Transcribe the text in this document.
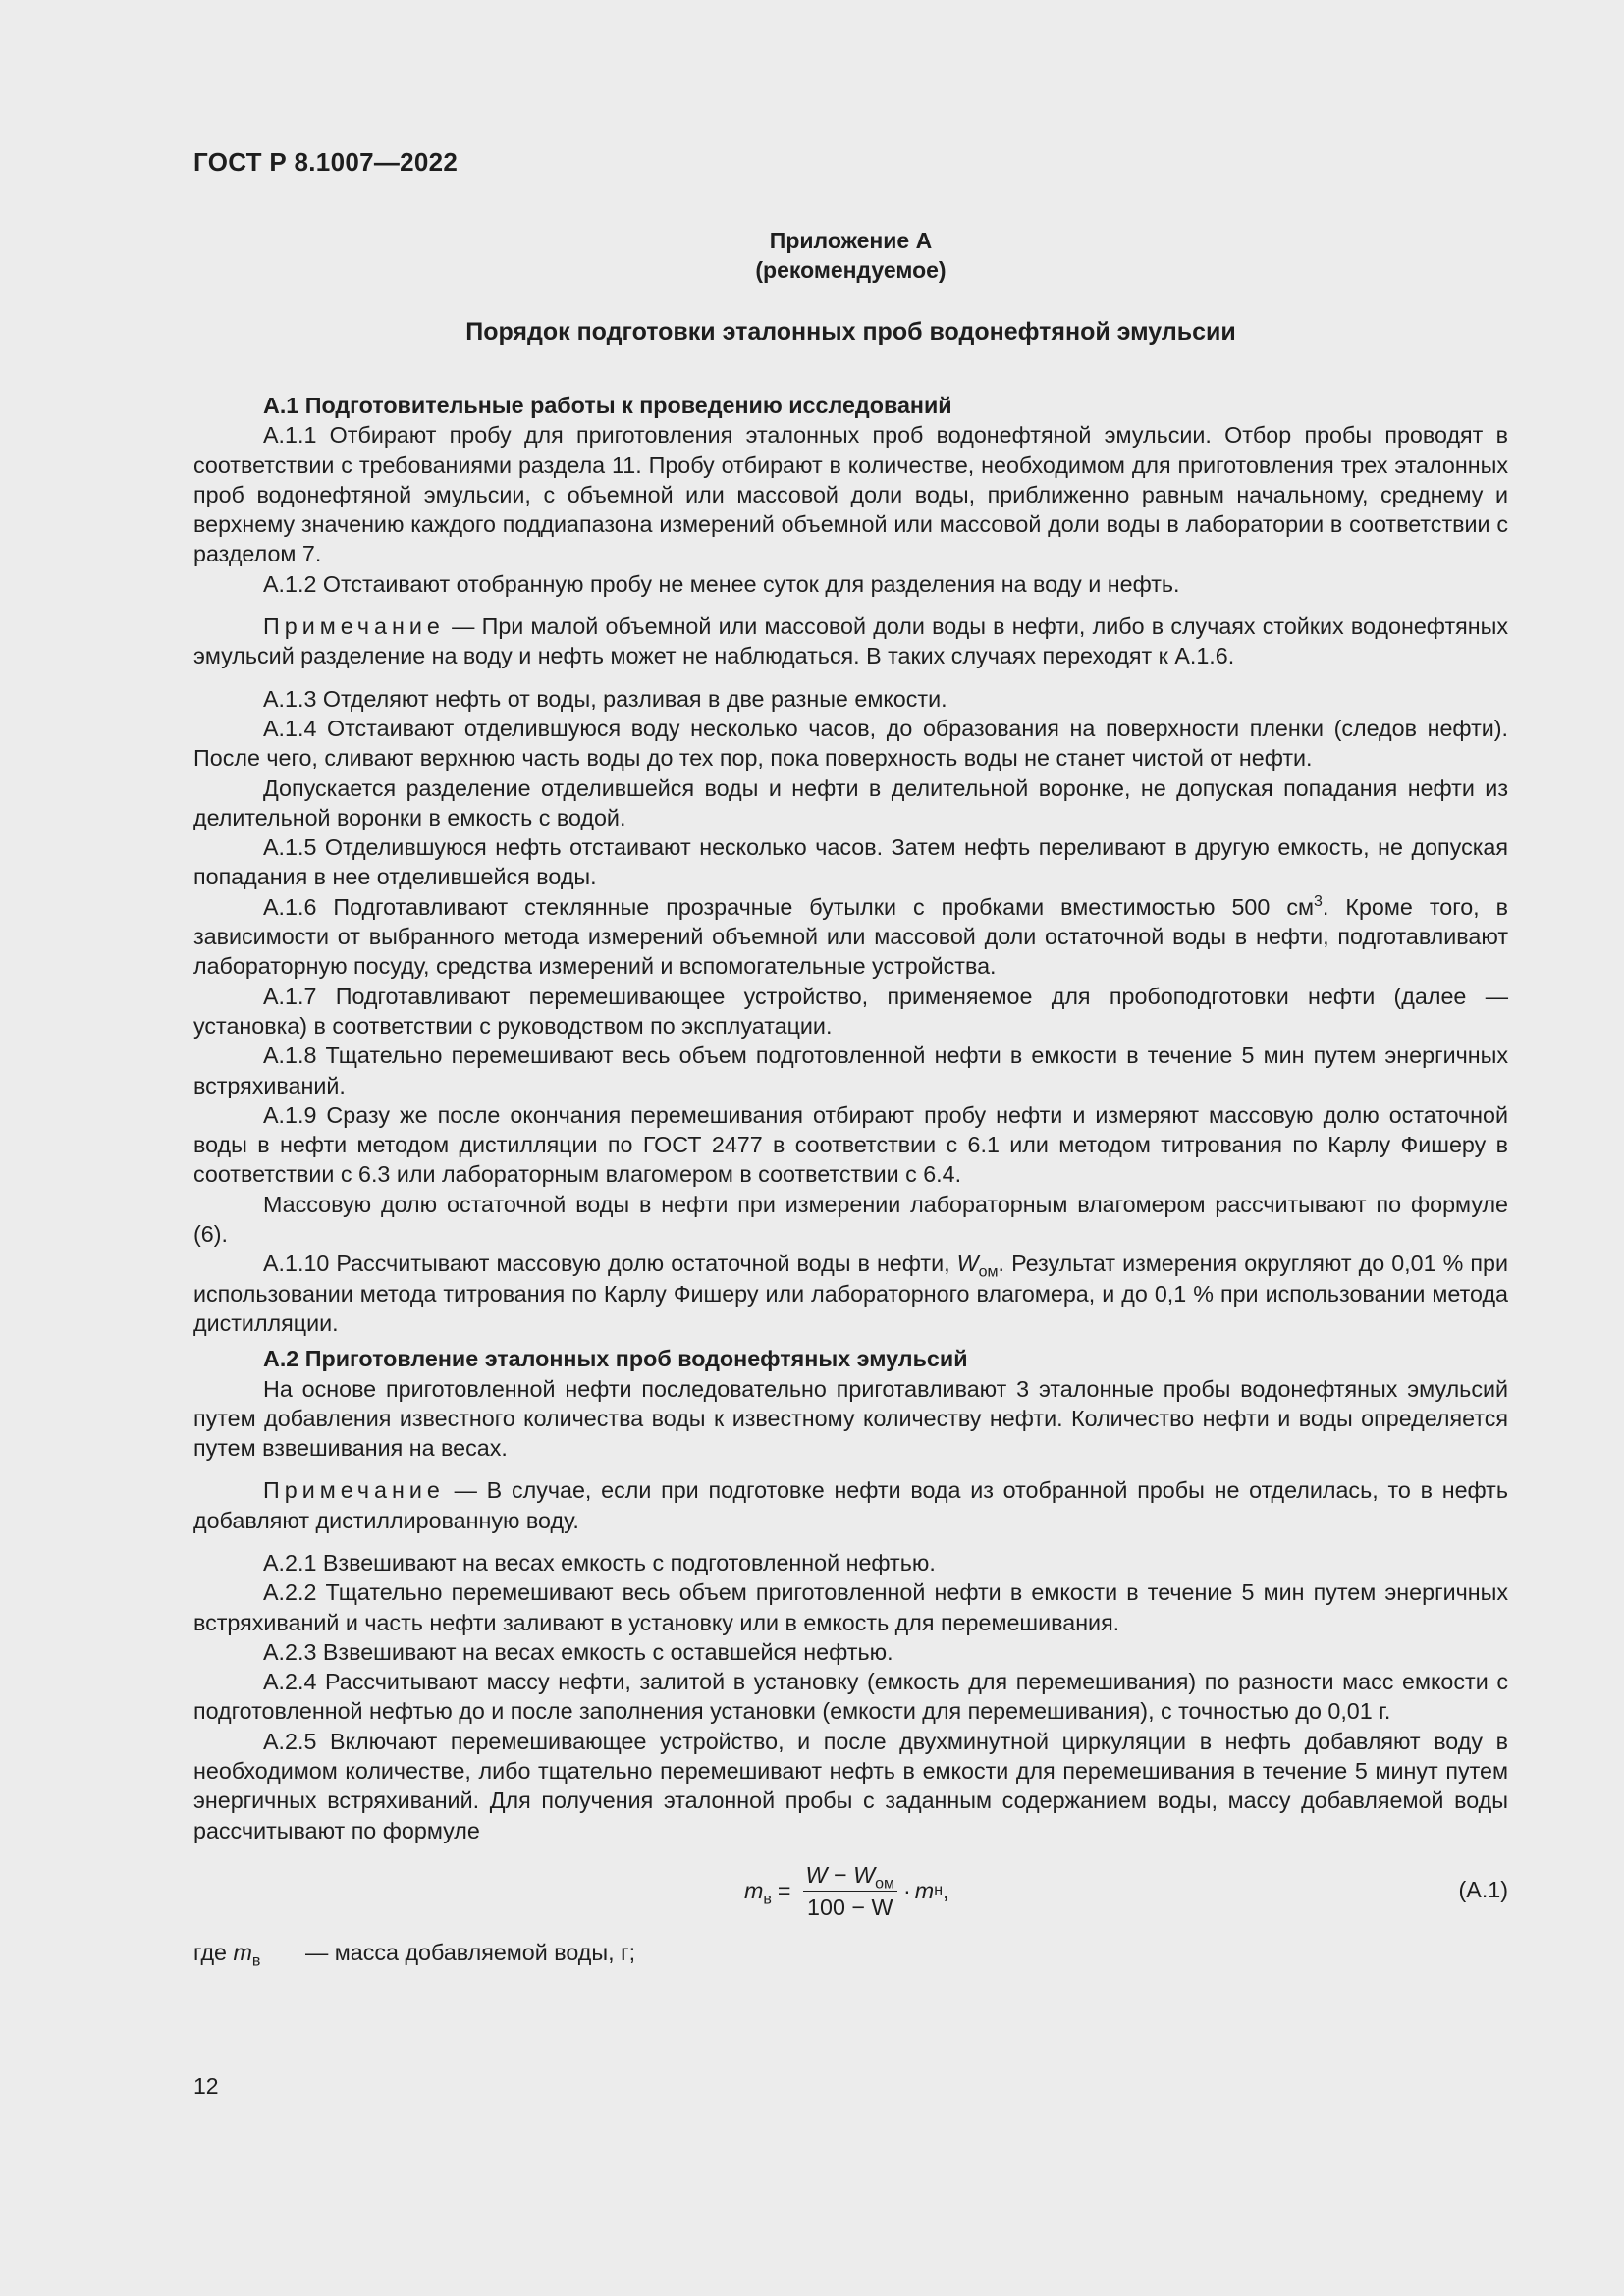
ГОСТ Р 8.1007—2022
Приложение А
(рекомендуемое)
Порядок подготовки эталонных проб водонефтяной эмульсии

А.1 Подготовительные работы к проведению исследований

А.1.1 Отбирают пробу для приготовления эталонных проб водонефтяной эмульсии. Отбор пробы проводят в соответствии с требованиями раздела 11. Пробу отбирают в количестве, необходимом для приготовления трех эталонных проб водонефтяной эмульсии, с объемной или массовой доли воды, приближенно равным начальному, среднему и верхнему значению каждого поддиапазона измерений объемной или массовой доли воды в лаборатории в соответствии с разделом 7.

А.1.2 Отстаивают отобранную пробу не менее суток для разделения на воду и нефть.

Примечание — При малой объемной или массовой доли воды в нефти, либо в случаях стойких водонефтяных эмульсий разделение на воду и нефть может не наблюдаться. В таких случаях переходят к А.1.6.

А.1.3 Отделяют нефть от воды, разливая в две разные емкости.

А.1.4 Отстаивают отделившуюся воду несколько часов, до образования на поверхности пленки (следов нефти). После чего, сливают верхнюю часть воды до тех пор, пока поверхность воды не станет чистой от нефти.

Допускается разделение отделившейся воды и нефти в делительной воронке, не допуская попадания нефти из делительной воронки в емкость с водой.

А.1.5 Отделившуюся нефть отстаивают несколько часов. Затем нефть переливают в другую емкость, не допуская попадания в нее отделившейся воды.

А.1.6 Подготавливают стеклянные прозрачные бутылки с пробками вместимостью 500 $см^3$. Кроме того, в зависимости от выбранного метода измерений объемной или массовой доли остаточной воды в нефти, подготавливают лабораторную посуду, средства измерений и вспомогательные устройства.

А.1.7 Подготавливают перемешивающее устройство, применяемое для пробоподготовки нефти (далее — установка) в соответствии с руководством по эксплуатации.

А.1.8 Тщательно перемешивают весь объем подготовленной нефти в емкости в течение 5 мин путем энергичных встряхиваний.

А.1.9 Сразу же после окончания перемешивания отбирают пробу нефти и измеряют массовую долю остаточной воды в нефти методом дистилляции по ГОСТ 2477 в соответствии с 6.1 или методом титрования по Карлу Фишеру в соответствии с 6.3 или лабораторным влагомером в соответствии с 6.4.

Массовую долю остаточной воды в нефти при измерении лабораторным влагомером рассчитывают по формуле (6).

А.1.10 Рассчитывают массовую долю остаточной воды в нефти, $W_{ом}$. Результат измерения округляют до 0,01 % при использовании метода титрования по Карлу Фишеру или лабораторного влагомера, и до 0,1 % при использовании метода дистилляции.

А.2 Приготовление эталонных проб водонефтяных эмульсий

На основе приготовленной нефти последовательно приготавливают 3 эталонные пробы водонефтяных эмульсий путем добавления известного количества воды к известному количеству нефти. Количество нефти и воды определяется путем взвешивания на весах.

Примечание — В случае, если при подготовке нефти вода из отобранной пробы не отделилась, то в нефть добавляют дистиллированную воду.

А.2.1 Взвешивают на весах емкость с подготовленной нефтью.

А.2.2 Тщательно перемешивают весь объем приготовленной нефти в емкости в течение 5 мин путем энергичных встряхиваний и часть нефти заливают в установку или в емкость для перемешивания.

А.2.3 Взвешивают на весах емкость с оставшейся нефтью.

А.2.4 Рассчитывают массу нефти, залитой в установку (емкость для перемешивания) по разности масс емкости с подготовленной нефтью до и после заполнения установки (емкости для перемешивания), с точностью до 0,01 г.

А.2.5 Включают перемешивающее устройство, и после двухминутной циркуляции в нефть добавляют воду в необходимом количестве, либо тщательно перемешивают нефть в емкости для перемешивания в течение 5 минут путем энергичных встряхиваний. Для получения эталонной пробы с заданным содержанием воды, массу добавляемой воды рассчитывают по формуле

$m_в = \frac{W - W_{ом}}{100 - W} \cdot m$ н ,	(А.1)
где $m_в$	— масса добавляемой воды, г;
12
